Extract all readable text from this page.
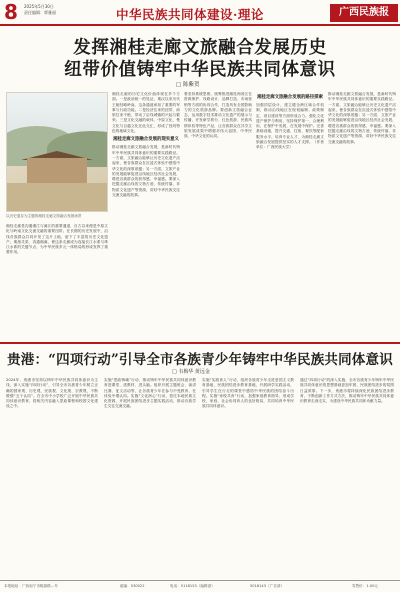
8 2025年5月30日
责任编辑：覃雅丽	中华民族共同体建设·理论	广西民族报
发挥湘桂走廊文旅融合发展历史
纽带价值铸牢中华民族共同体意识
□ 陈紫贺
以历史遗存为主题的湘桂走廊文旅融合发展场景

湘桂走廊是沟通湘江与漓江的重要通道，自古以来便是中原文化与岭南文化交流交融的重要纽带。在长期的历史发展中，沿线各族群众共同开发了这片土地，留下了丰富的历史文化遗产。秦凿灵渠，沟通湘漓，使这条走廊成为连接长江水系与珠江水系的关键节点，为中华民族多元一体格局的形成发挥了重要作用。

湘桂走廊的历史文化价值体现在多个方面。一是政治统一的见证，秦汉以来历代王朝经略岭南，这条通道承担了重要的军事与行政功能。二是经济往来的纽带，商旅往来不绝，带动了沿线城镇的兴起与繁荣。三是文化交融的载体，中原文化、楚文化与百越文化在此交汇，形成了独具特色的地域文化。

湘桂走廊文旅融合发展的现实意义

推动湘桂走廊文旅融合发展，是新时代铸牢中华民族共同体意识的重要实践路径。一方面，文旅融合能够让历史文化遗产活起来，使各族群众在沉浸式体验中感悟中华文化的深厚底蕴；另一方面，文旅产业的发展能够促进沿线地区经济社会发展，增进各族群众的获得感、幸福感。要深入挖掘走廊沿线的文物古迹、传统村落、非物质文化遗产等资源，讲好中华民族交往交流交融的故事。

要坚持系统思维，统筹推进湘桂两省区在资源保护、线路设计、品牌打造、市场营销等方面的协同合作，打造具有全国影响力的文化旅游品牌。要创新文旅融合业态，运用数字技术推动文化遗产的展示与传播，开发研学旅行、红色旅游、民族风情体验等特色产品，让各族群众在共享文旅发展成果中增强对伟大祖国、中华民族、中华文化的认同。

湘桂走廊文旅融合发展的路径探索

加强顶层设计，建立健全跨区域合作机制，推动沿线地区在规划编制、政策制定、项目建设等方面形成合力。强化文化遗产保护与利用，坚持保护第一、合理利用，在保护中发展、在发展中保护。完善基础设施，提升交通、住宿、餐饮等配套服务水平。培育专业人才，为湘桂走廊文旅融合发展提供坚实的人才支撑。（作者单位：广西民族大学）

推动湘桂走廊文旅融合发展，是新时代铸牢中华民族共同体意识的重要实践路径。一方面，文旅融合能够让历史文化遗产活起来，使各族群众在沉浸式体验中感悟中华文化的深厚底蕴；另一方面，文旅产业的发展能够促进沿线地区经济社会发展，增进各族群众的获得感、幸福感。要深入挖掘走廊沿线的文物古迹、传统村落、非物质文化遗产等资源，讲好中华民族交往交流交融的故事。

贵港：“四项行动”引导全市各族青少年铸牢中华民族共同体意识
□ 韦梅华 黄远金

2024年，贵港市坚持以铸牢中华民族共同体意识为主线，深入实施“四项行动”，引导全市各族青少年树立正确的国家观、历史观、民族观、文化观、宗教观，不断增强“五个认同”。在全市中小学校广泛开展中华民族共同体意识教育，将相关内容融入思政课程和校园文化建设之中。

实施“思政铸魂”行动，推动铸牢中华民族共同体意识教育进课堂、进教材、进头脑。组织开展主题班会、演讲比赛、征文活动等，让各族青少年在参与中受教育、在体验中增认同。实施“文化润心”行动，依托本地民族文化资源，开展民族团结进步主题实践活动，推动各族学生交往交流交融。

实施“实践育人”行动，组织各族青少年走进爱国主义教育基地、民族团结进步教育基地，开展研学实践活动，引导学生在行走的课堂中感悟中华民族的团结奋斗历程。实施“家校共育”行动，加强家庭教育指导，形成学校、家庭、社会协同育人的良好格局，共同培育中华民族共同体意识。

通过“四项行动”的深入实施，全市各族青少年铸牢中华民族共同体意识的思想基础更加牢固，民族团结进步的氛围日益浓厚。下一步，贵港市将持续深化民族团结进步教育，不断创新工作方式方法，推动铸牢中华民族共同体意识教育走深走实，为建设中华民族共同体贡献力量。

本报地址：广西南宁市桃源路…号	邮编：530022	电话：5118153（编辑部）	5018143（广告部）	零售价：1.00元
